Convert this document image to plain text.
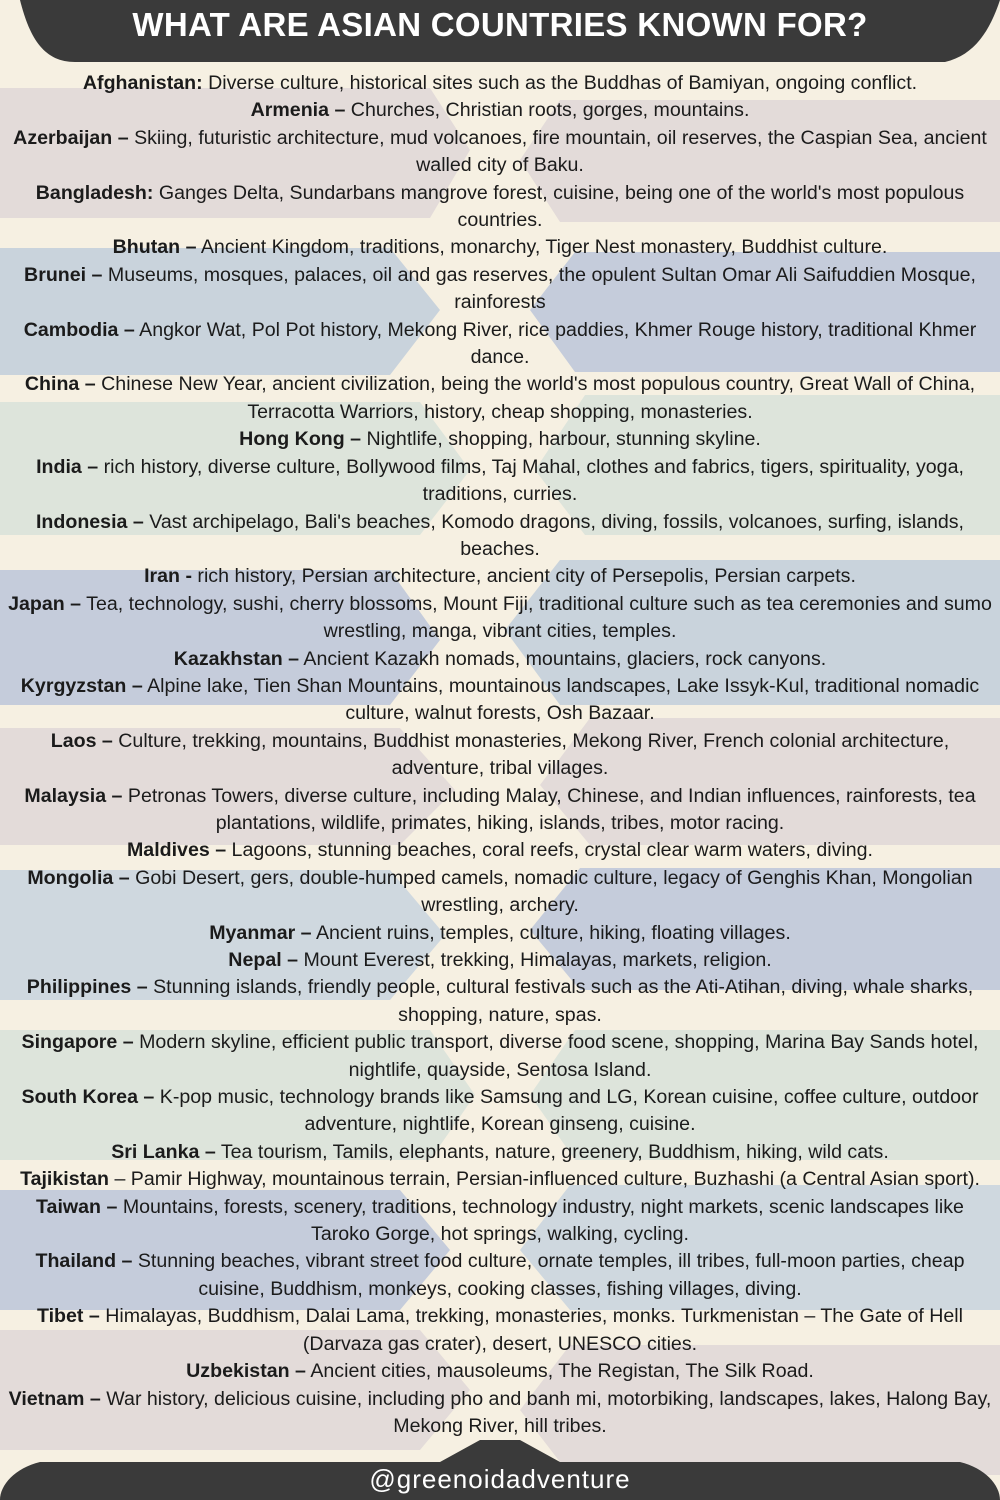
WHAT ARE ASIAN COUNTRIES KNOWN FOR?

Afghanistan: Diverse culture, historical sites such as the Buddhas of Bamiyan, ongoing conflict.

Armenia – Churches, Christian roots, gorges, mountains.

Azerbaijan – Skiing, futuristic architecture, mud volcanoes, fire mountain, oil reserves, the Caspian Sea, ancient walled city of Baku.

Bangladesh: Ganges Delta, Sundarbans mangrove forest, cuisine, being one of the world's most populous countries.

Bhutan – Ancient Kingdom, traditions, monarchy, Tiger Nest monastery, Buddhist culture.

Brunei – Museums, mosques, palaces, oil and gas reserves, the opulent Sultan Omar Ali Saifuddien Mosque, rainforests

Cambodia – Angkor Wat, Pol Pot history, Mekong River, rice paddies, Khmer Rouge history, traditional Khmer dance.

China – Chinese New Year, ancient civilization, being the world's most populous country, Great Wall of China, Terracotta Warriors, history, cheap shopping, monasteries.

Hong Kong – Nightlife, shopping, harbour, stunning skyline.

India – rich history, diverse culture, Bollywood films, Taj Mahal, clothes and fabrics, tigers, spirituality, yoga, traditions, curries.

Indonesia – Vast archipelago, Bali's beaches, Komodo dragons, diving, fossils, volcanoes, surfing, islands, beaches.

Iran - rich history, Persian architecture, ancient city of Persepolis, Persian carpets.

Japan – Tea, technology, sushi, cherry blossoms, Mount Fiji, traditional culture such as tea ceremonies and sumo wrestling, manga, vibrant cities, temples.

Kazakhstan – Ancient Kazakh nomads, mountains, glaciers, rock canyons.

Kyrgyzstan – Alpine lake, Tien Shan Mountains, mountainous landscapes, Lake Issyk-Kul, traditional nomadic culture, walnut forests, Osh Bazaar.

Laos – Culture, trekking, mountains, Buddhist monasteries, Mekong River, French colonial architecture, adventure, tribal villages.

Malaysia – Petronas Towers, diverse culture, including Malay, Chinese, and Indian influences, rainforests, tea plantations, wildlife, primates, hiking, islands, tribes, motor racing.

Maldives – Lagoons, stunning beaches, coral reefs, crystal clear warm waters, diving.

Mongolia – Gobi Desert, gers, double-humped camels, nomadic culture, legacy of Genghis Khan, Mongolian wrestling, archery.

Myanmar – Ancient ruins, temples, culture, hiking, floating villages.

Nepal – Mount Everest, trekking, Himalayas, markets, religion.

Philippines – Stunning islands, friendly people, cultural festivals such as the Ati-Atihan, diving, whale sharks, shopping, nature, spas.

Singapore – Modern skyline, efficient public transport, diverse food scene, shopping, Marina Bay Sands hotel, nightlife, quayside, Sentosa Island.

South Korea – K-pop music, technology brands like Samsung and LG, Korean cuisine, coffee culture, outdoor adventure, nightlife, Korean ginseng, cuisine.

Sri Lanka – Tea tourism, Tamils, elephants, nature, greenery, Buddhism, hiking, wild cats.

Tajikistan – Pamir Highway, mountainous terrain, Persian-influenced culture, Buzhashi (a Central Asian sport).

Taiwan – Mountains, forests, scenery, traditions, technology industry, night markets, scenic landscapes like Taroko Gorge, hot springs, walking, cycling.

Thailand – Stunning beaches, vibrant street food culture, ornate temples, ill tribes, full-moon parties, cheap cuisine, Buddhism, monkeys, cooking classes, fishing villages, diving.

Tibet – Himalayas, Buddhism, Dalai Lama, trekking, monasteries, monks. Turkmenistan – The Gate of Hell (Darvaza gas crater), desert, UNESCO cities.

Uzbekistan – Ancient cities, mausoleums, The Registan, The Silk Road.

Vietnam – War history, delicious cuisine, including pho and banh mi, motorbiking, landscapes, lakes, Halong Bay, Mekong River, hill tribes.

@greenoidadventure
